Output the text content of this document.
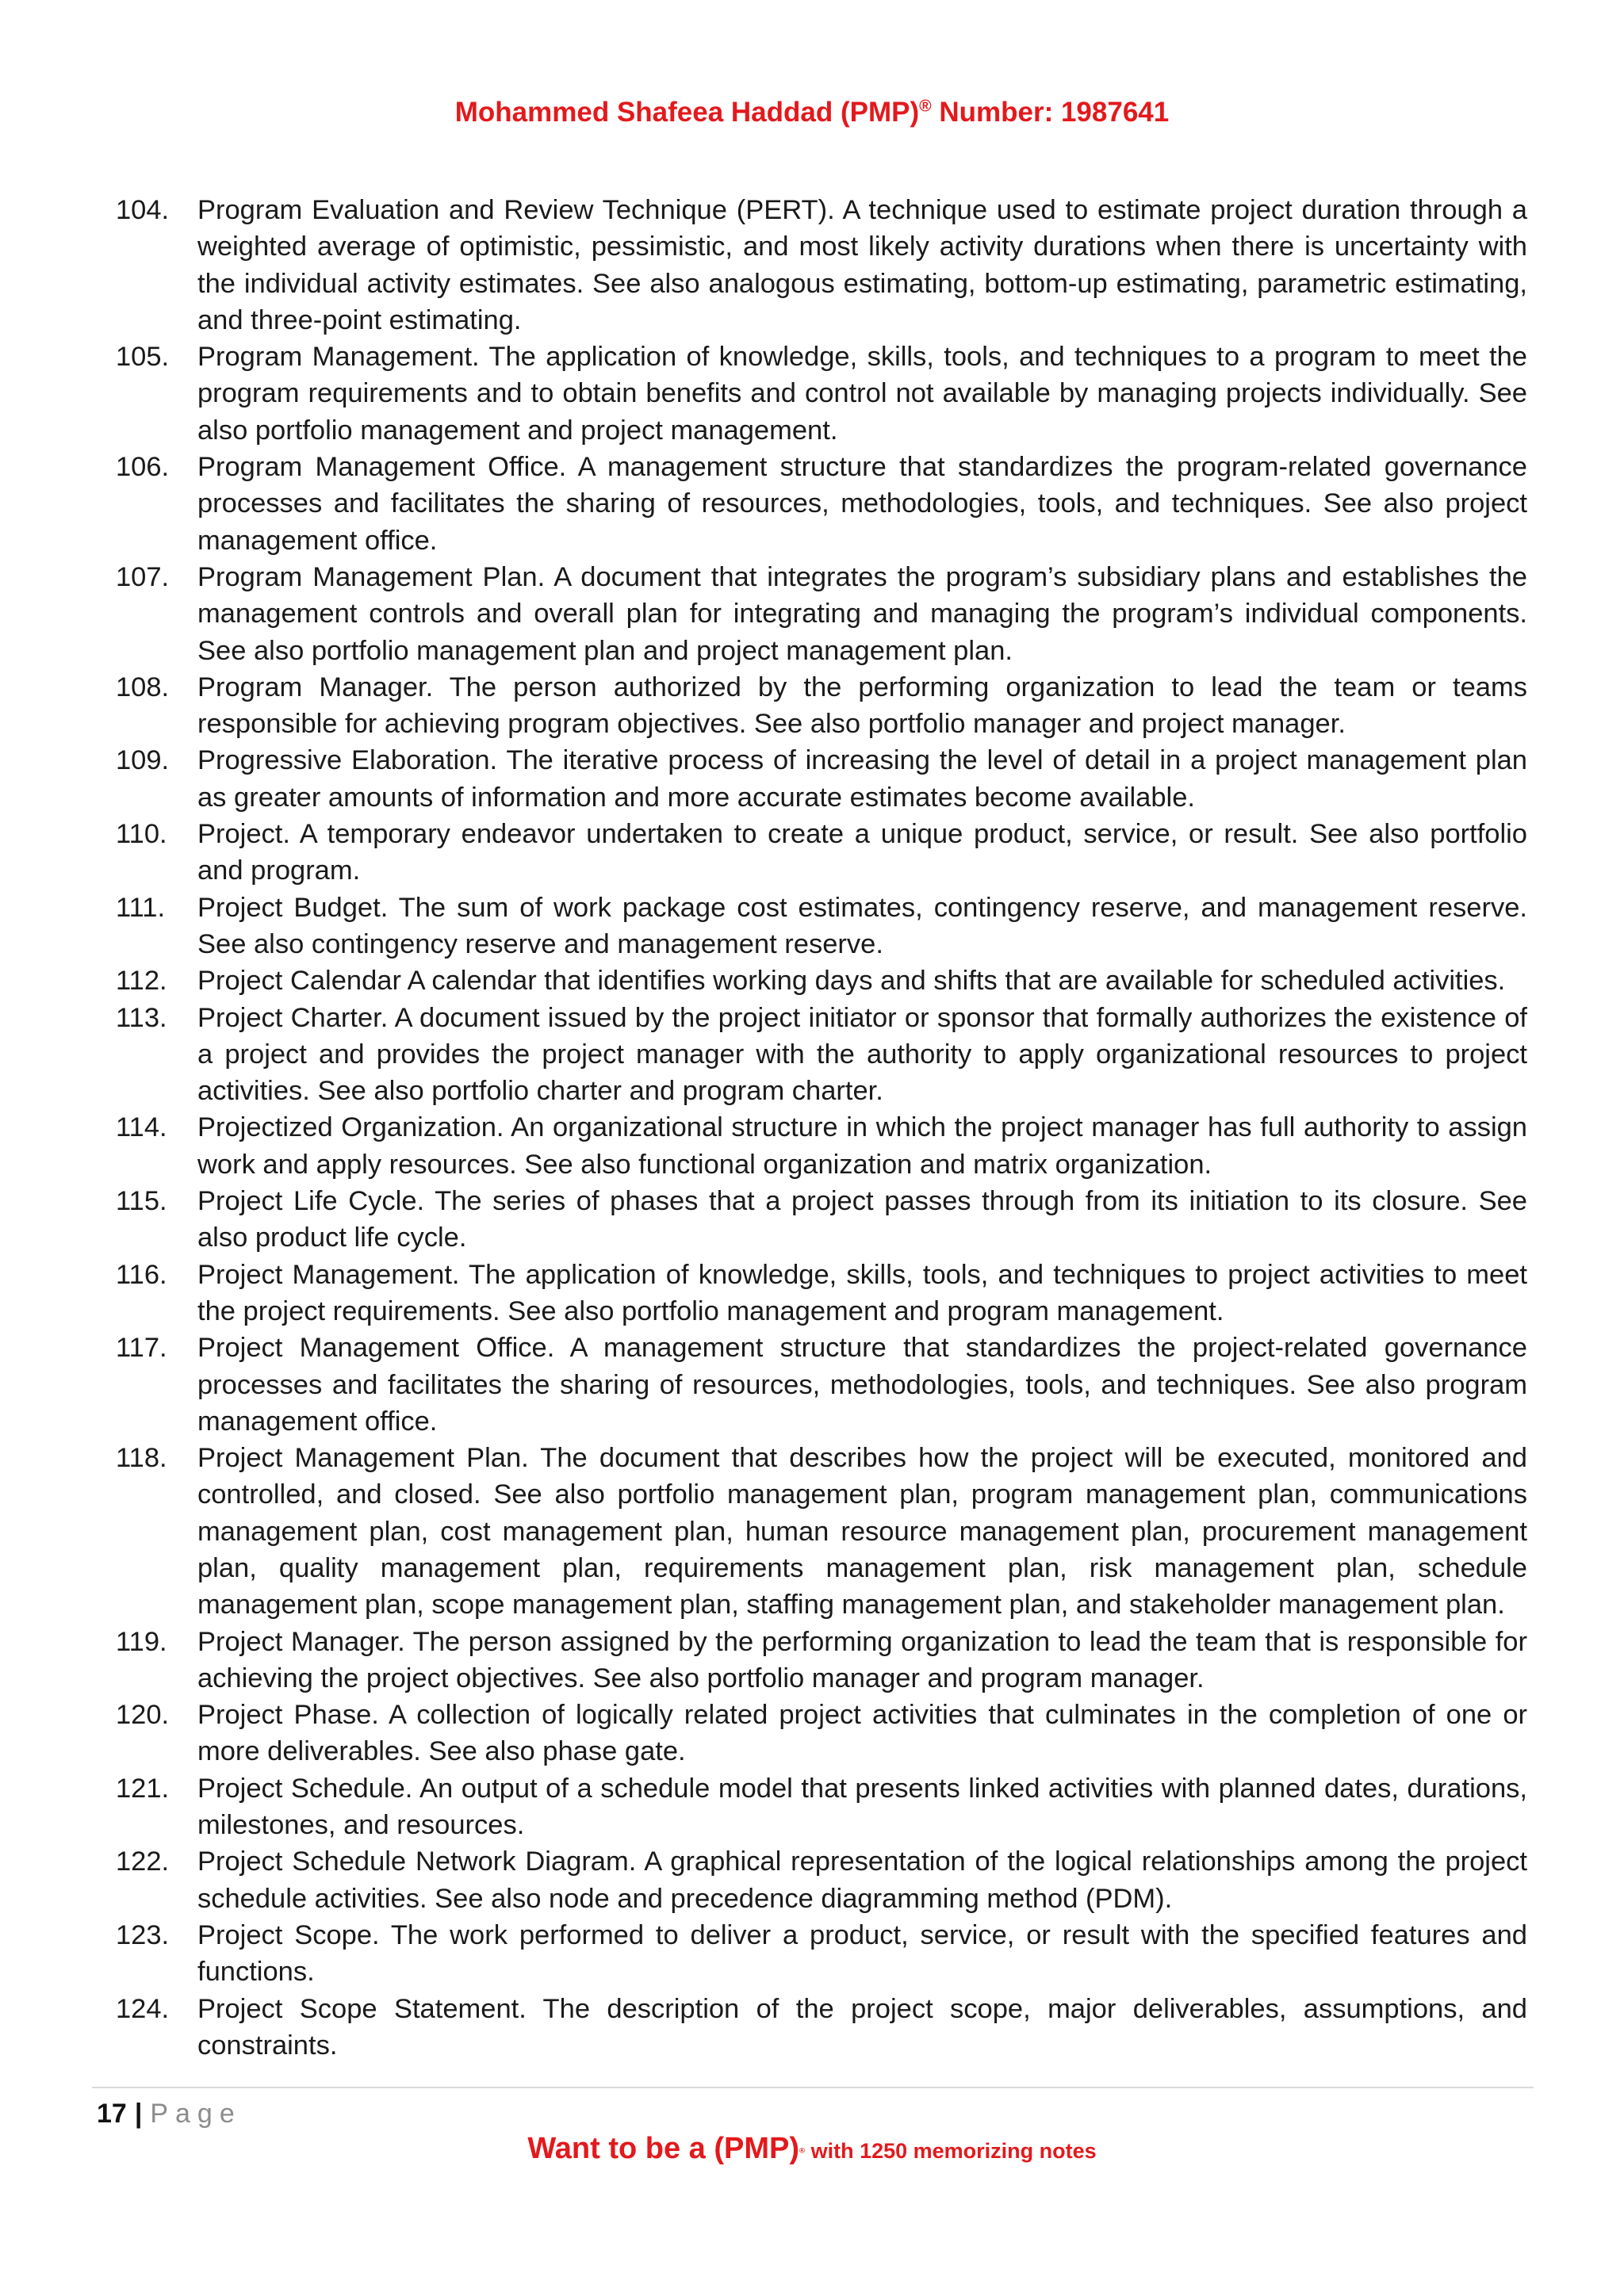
Mohammed Shafeea Haddad (PMP)® Number: 1987641
104.	Program Evaluation and Review Technique (PERT). A technique used to estimate project duration through a weighted average of optimistic, pessimistic, and most likely activity durations when there is uncertainty with the individual activity estimates. See also analogous estimating, bottom-up estimating, parametric estimating, and three-point estimating.
105.	Program Management. The application of knowledge, skills, tools, and techniques to a program to meet the program requirements and to obtain benefits and control not available by managing projects individually. See also portfolio management and project management.
106.	Program Management Office. A management structure that standardizes the program-related governance processes and facilitates the sharing of resources, methodologies, tools, and techniques. See also project management office.
107.	Program Management Plan. A document that integrates the program’s subsidiary plans and establishes the management controls and overall plan for integrating and managing the program’s individual components. See also portfolio management plan and project management plan.
108.	Program Manager. The person authorized by the performing organization to lead the team or teams responsible for achieving program objectives. See also portfolio manager and project manager.
109.	Progressive Elaboration. The iterative process of increasing the level of detail in a project management plan as greater amounts of information and more accurate estimates become available.
110.	Project. A temporary endeavor undertaken to create a unique product, service, or result. See also portfolio and program.
111.	Project Budget. The sum of work package cost estimates, contingency reserve, and management reserve. See also contingency reserve and management reserve.
112.	Project Calendar A calendar that identifies working days and shifts that are available for scheduled activities.
113.	Project Charter. A document issued by the project initiator or sponsor that formally authorizes the existence of a project and provides the project manager with the authority to apply organizational resources to project activities. See also portfolio charter and program charter.
114.	Projectized Organization. An organizational structure in which the project manager has full authority to assign work and apply resources. See also functional organization and matrix organization.
115.	Project Life Cycle. The series of phases that a project passes through from its initiation to its closure. See also product life cycle.
116.	Project Management. The application of knowledge, skills, tools, and techniques to project activities to meet the project requirements. See also portfolio management and program management.
117.	Project Management Office. A management structure that standardizes the project-related governance processes and facilitates the sharing of resources, methodologies, tools, and techniques. See also program management office.
118.	Project Management Plan. The document that describes how the project will be executed, monitored and controlled, and closed. See also portfolio management plan, program management plan, communications management plan, cost management plan, human resource management plan, procurement management plan, quality management plan, requirements management plan, risk management plan, schedule management plan, scope management plan, staffing management plan, and stakeholder management plan.
119.	Project Manager. The person assigned by the performing organization to lead the team that is responsible for achieving the project objectives. See also portfolio manager and program manager.
120.	Project Phase. A collection of logically related project activities that culminates in the completion of one or more deliverables. See also phase gate.
121.	Project Schedule. An output of a schedule model that presents linked activities with planned dates, durations, milestones, and resources.
122.	Project Schedule Network Diagram. A graphical representation of the logical relationships among the project schedule activities. See also node and precedence diagramming method (PDM).
123.	Project Scope. The work performed to deliver a product, service, or result with the specified features and functions.
124.	Project Scope Statement. The description of the project scope, major deliverables, assumptions, and constraints.
17 | Page
Want to be a (PMP)® with 1250 memorizing notes
